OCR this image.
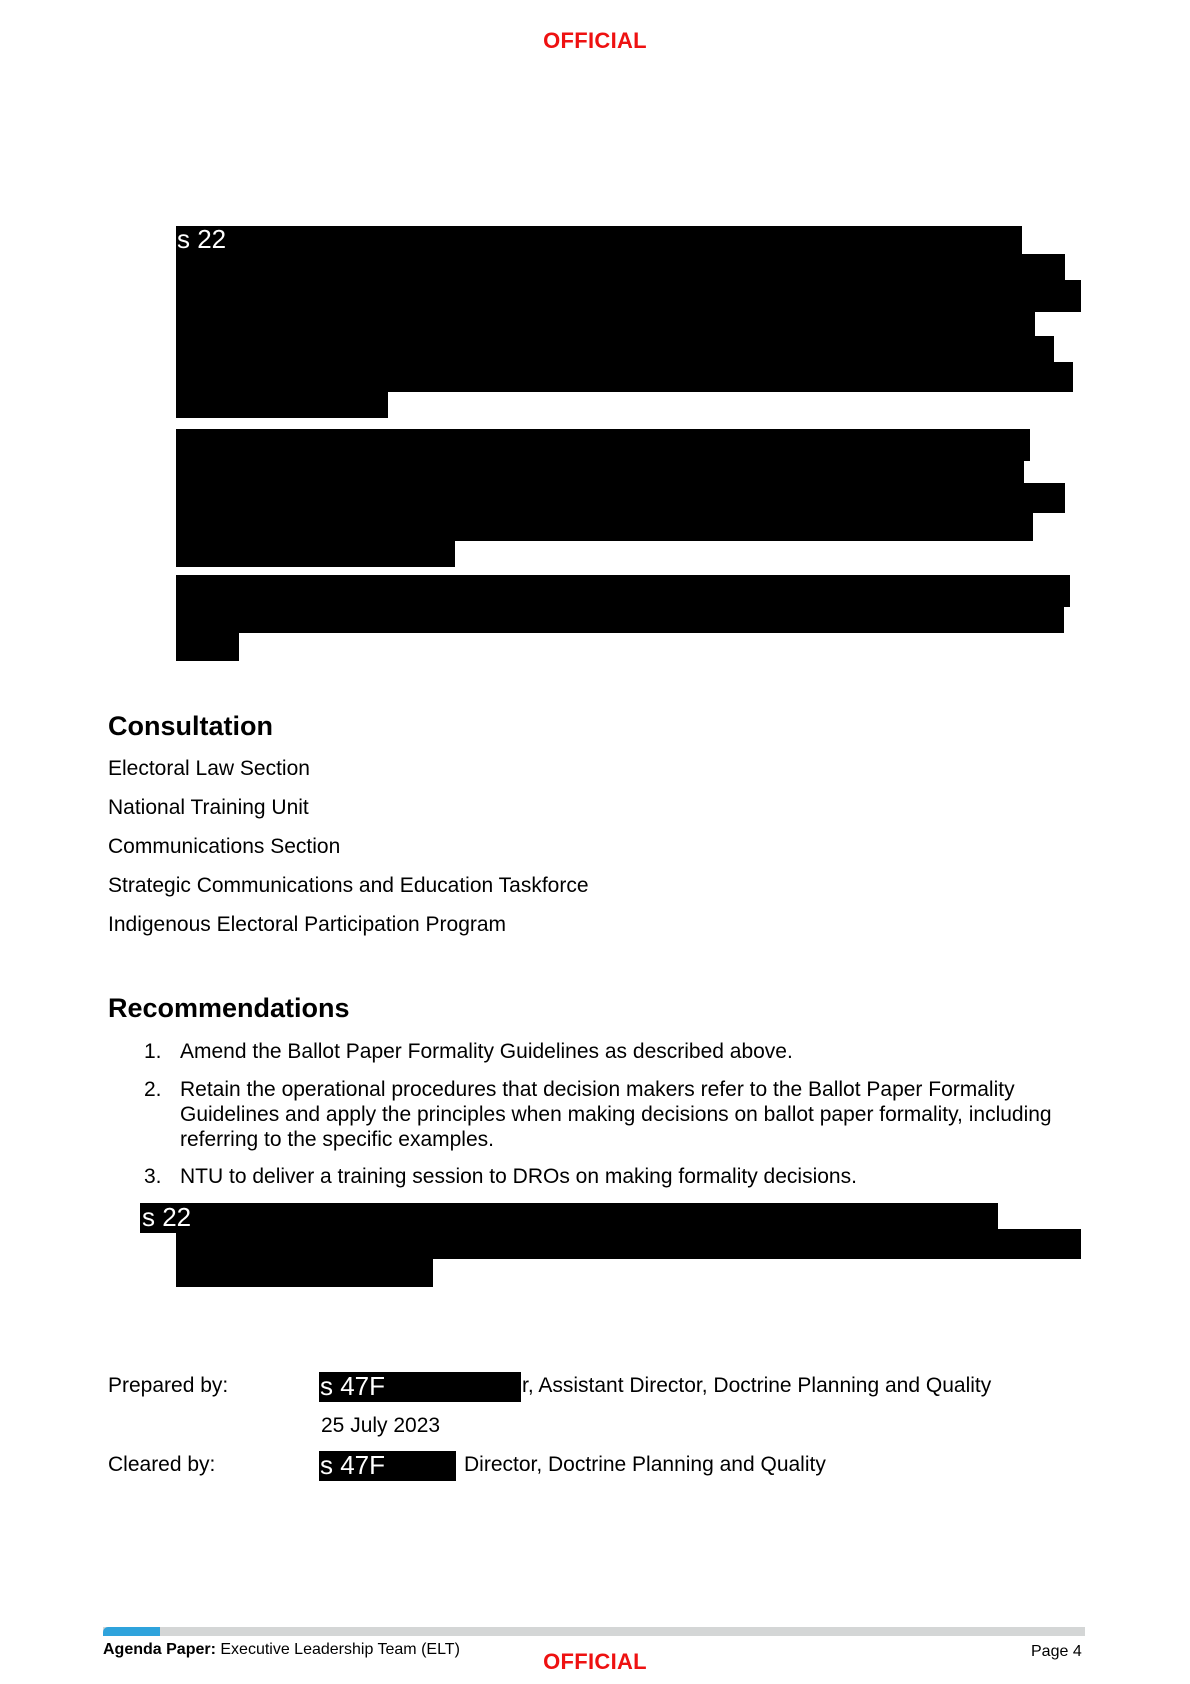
OFFICIAL
s 22
Consultation
Electoral Law Section
National Training Unit
Communications Section
Strategic Communications and Education Taskforce
Indigenous Electoral Participation Program
Recommendations
1. Amend the Ballot Paper Formality Guidelines as described above.
2. Retain the operational procedures that decision makers refer to the Ballot Paper Formality Guidelines and apply the principles when making decisions on ballot paper formality, including referring to the specific examples.
3. NTU to deliver a training session to DROs on making formality decisions.
s 22
Prepared by:	s 47F	r, Assistant Director, Doctrine Planning and Quality
25 July 2023
Cleared by:	s 47F	Director, Doctrine Planning and Quality
Agenda Paper: Executive Leadership Team (ELT)	Page 4
OFFICIAL
